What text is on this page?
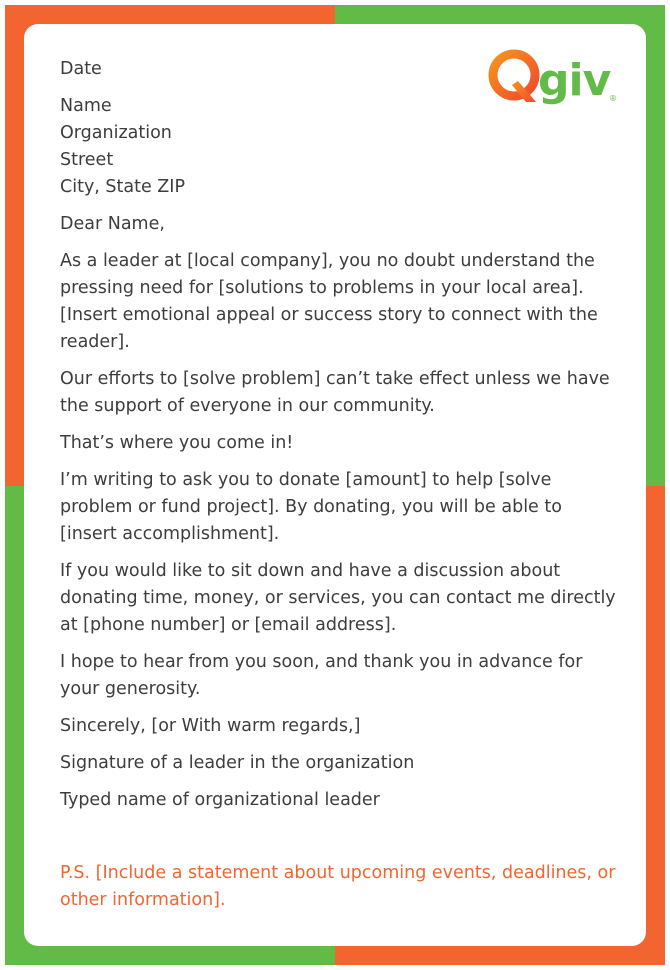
giv
®

Date

Name

Organization

Street

City, State ZIP

Dear Name,

As a leader at [local company], you no doubt understand the pressing need for [solutions to problems in your local area]. [Insert emotional appeal or success story to connect with the reader].

Our efforts to [solve problem] can’t take effect unless we have the support of everyone in our community.

That’s where you come in!

I’m writing to ask you to donate [amount] to help [solve problem or fund project]. By donating, you will be able to [insert accomplishment].

If you would like to sit down and have a discussion about donating time, money, or services, you can contact me directly at [phone number] or [email address].

I hope to hear from you soon, and thank you in advance for your generosity.

Sincerely, [or With warm regards,]

Signature of a leader in the organization

Typed name of organizational leader

P.S. [Include a statement about upcoming events, deadlines, or other information].
